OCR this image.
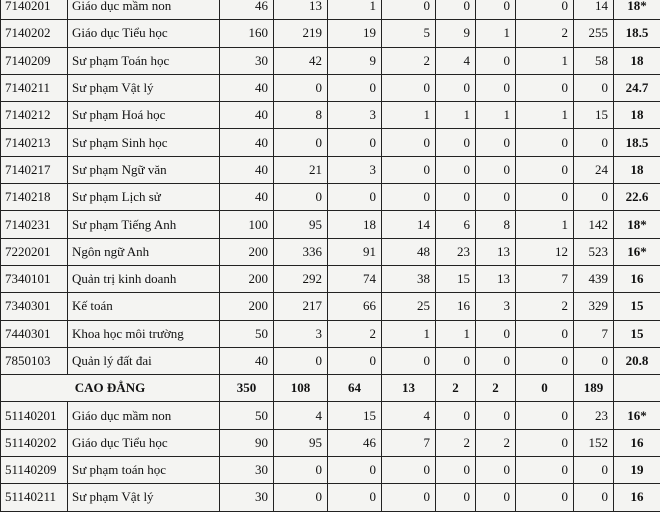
7140201	Giáo dục mầm non	46	13	1	0	0	0	0	14	18*
7140202	Giáo dục Tiểu học	160	219	19	5	9	1	2	255	18.5
7140209	Sư phạm Toán học	30	42	9	2	4	0	1	58	18
7140211	Sư phạm Vật lý	40	0	0	0	0	0	0	0	24.7
7140212	Sư phạm Hoá học	40	8	3	1	1	1	1	15	18
7140213	Sư phạm Sinh học	40	0	0	0	0	0	0	0	18.5
7140217	Sư phạm Ngữ văn	40	21	3	0	0	0	0	24	18
7140218	Sư phạm Lịch sử	40	0	0	0	0	0	0	0	22.6
7140231	Sư phạm Tiếng Anh	100	95	18	14	6	8	1	142	18*
7220201	Ngôn ngữ Anh	200	336	91	48	23	13	12	523	16*
7340101	Quản trị kinh doanh	200	292	74	38	15	13	7	439	16
7340301	Kế toán	200	217	66	25	16	3	2	329	15
7440301	Khoa học môi trường	50	3	2	1	1	0	0	7	15
7850103	Quản lý đất đai	40	0	0	0	0	0	0	0	20.8
CAO ĐẲNG		350	108	64	13	2	2	0	189	
51140201	Giáo dục mầm non	50	4	15	4	0	0	0	23	16*
51140202	Giáo dục Tiểu học	90	95	46	7	2	2	0	152	16
51140209	Sư phạm toán học	30	0	0	0	0	0	0	0	19
51140211	Sư phạm Vật lý	30	0	0	0	0	0	0	0	16
